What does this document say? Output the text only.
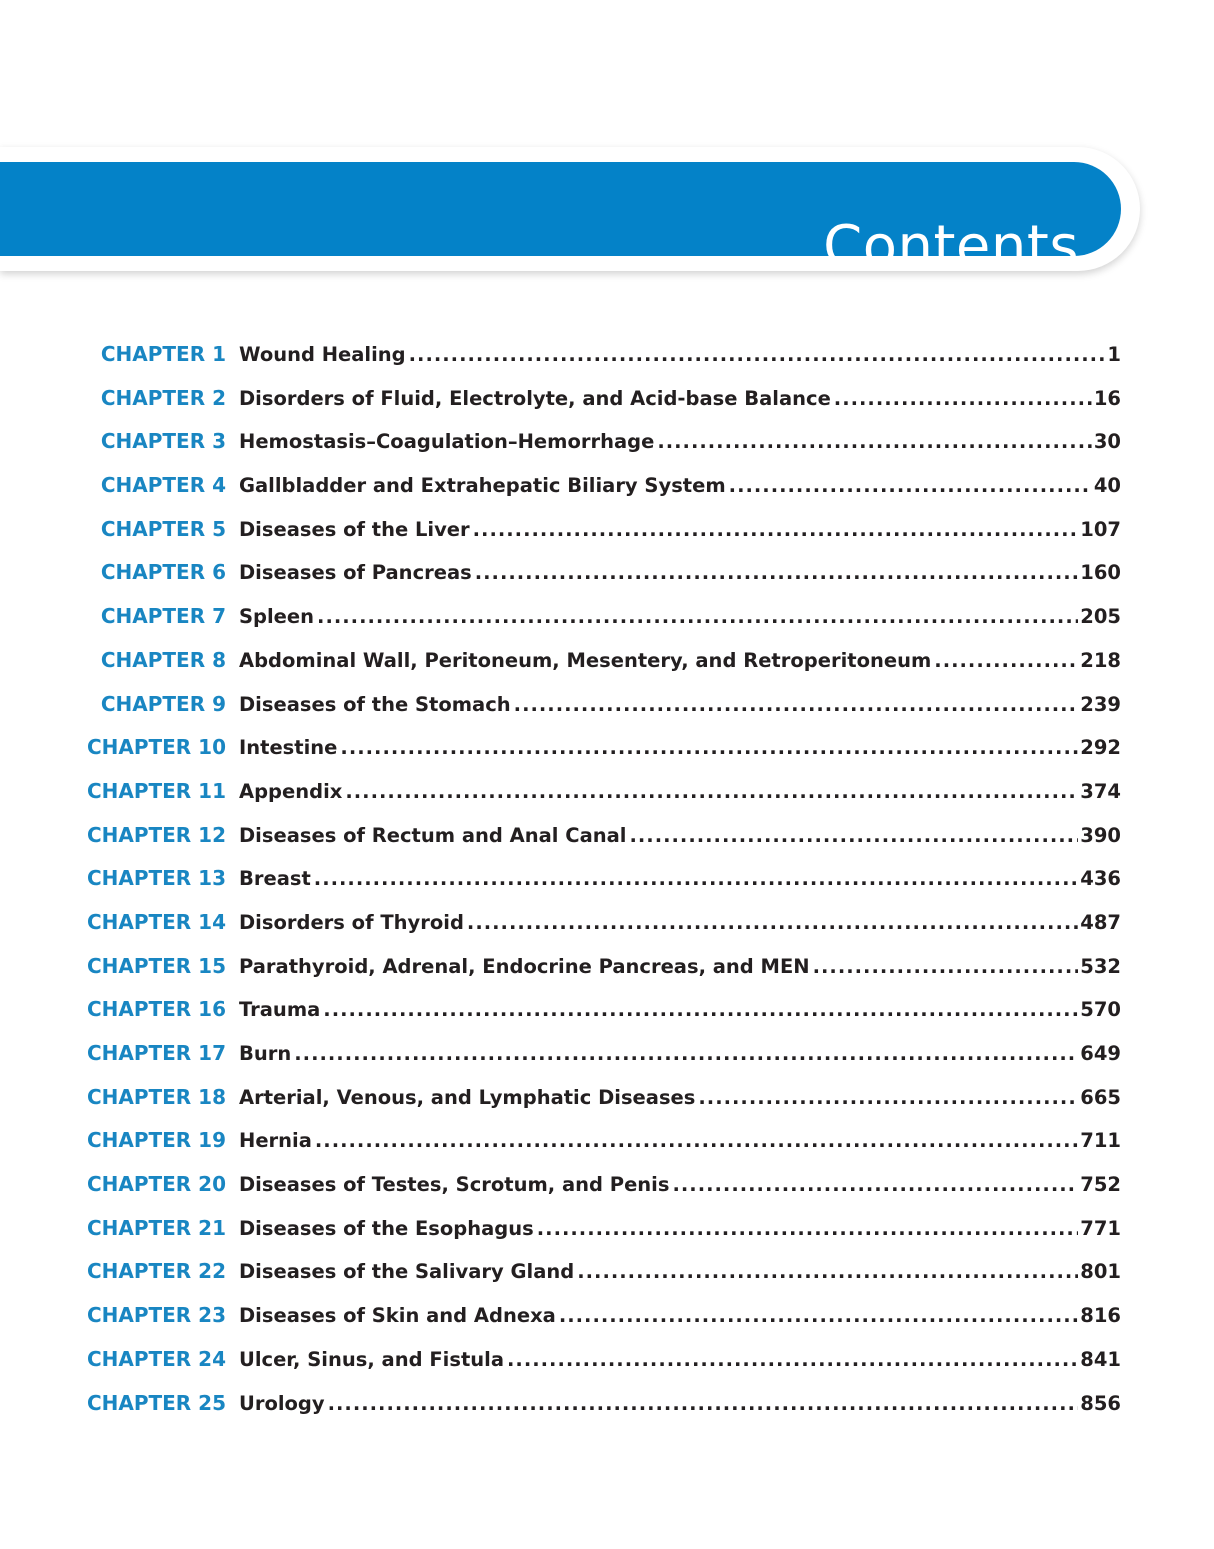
Contents
CHAPTER 1 Wound Healing .....	1
CHAPTER 2 Disorders of Fluid, Electrolyte, and Acid-base Balance .....	16
CHAPTER 3 Hemostasis–Coagulation–Hemorrhage .....	30
CHAPTER 4 Gallbladder and Extrahepatic Biliary System .....	40
CHAPTER 5 Diseases of the Liver .....	107
CHAPTER 6 Diseases of Pancreas .....	160
CHAPTER 7 Spleen .....	205
CHAPTER 8 Abdominal Wall, Peritoneum, Mesentery, and Retroperitoneum .....	218
CHAPTER 9 Diseases of the Stomach .....	239
CHAPTER 10 Intestine .....	292
CHAPTER 11 Appendix .....	374
CHAPTER 12 Diseases of Rectum and Anal Canal .....	390
CHAPTER 13 Breast .....	436
CHAPTER 14 Disorders of Thyroid .....	487
CHAPTER 15 Parathyroid, Adrenal, Endocrine Pancreas, and MEN .....	532
CHAPTER 16 Trauma .....	570
CHAPTER 17 Burn .....	649
CHAPTER 18 Arterial, Venous, and Lymphatic Diseases .....	665
CHAPTER 19 Hernia .....	711
CHAPTER 20 Diseases of Testes, Scrotum, and Penis .....	752
CHAPTER 21 Diseases of the Esophagus .....	771
CHAPTER 22 Diseases of the Salivary Gland .....	801
CHAPTER 23 Diseases of Skin and Adnexa .....	816
CHAPTER 24 Ulcer, Sinus, and Fistula .....	841
CHAPTER 25 Urology .....	856
